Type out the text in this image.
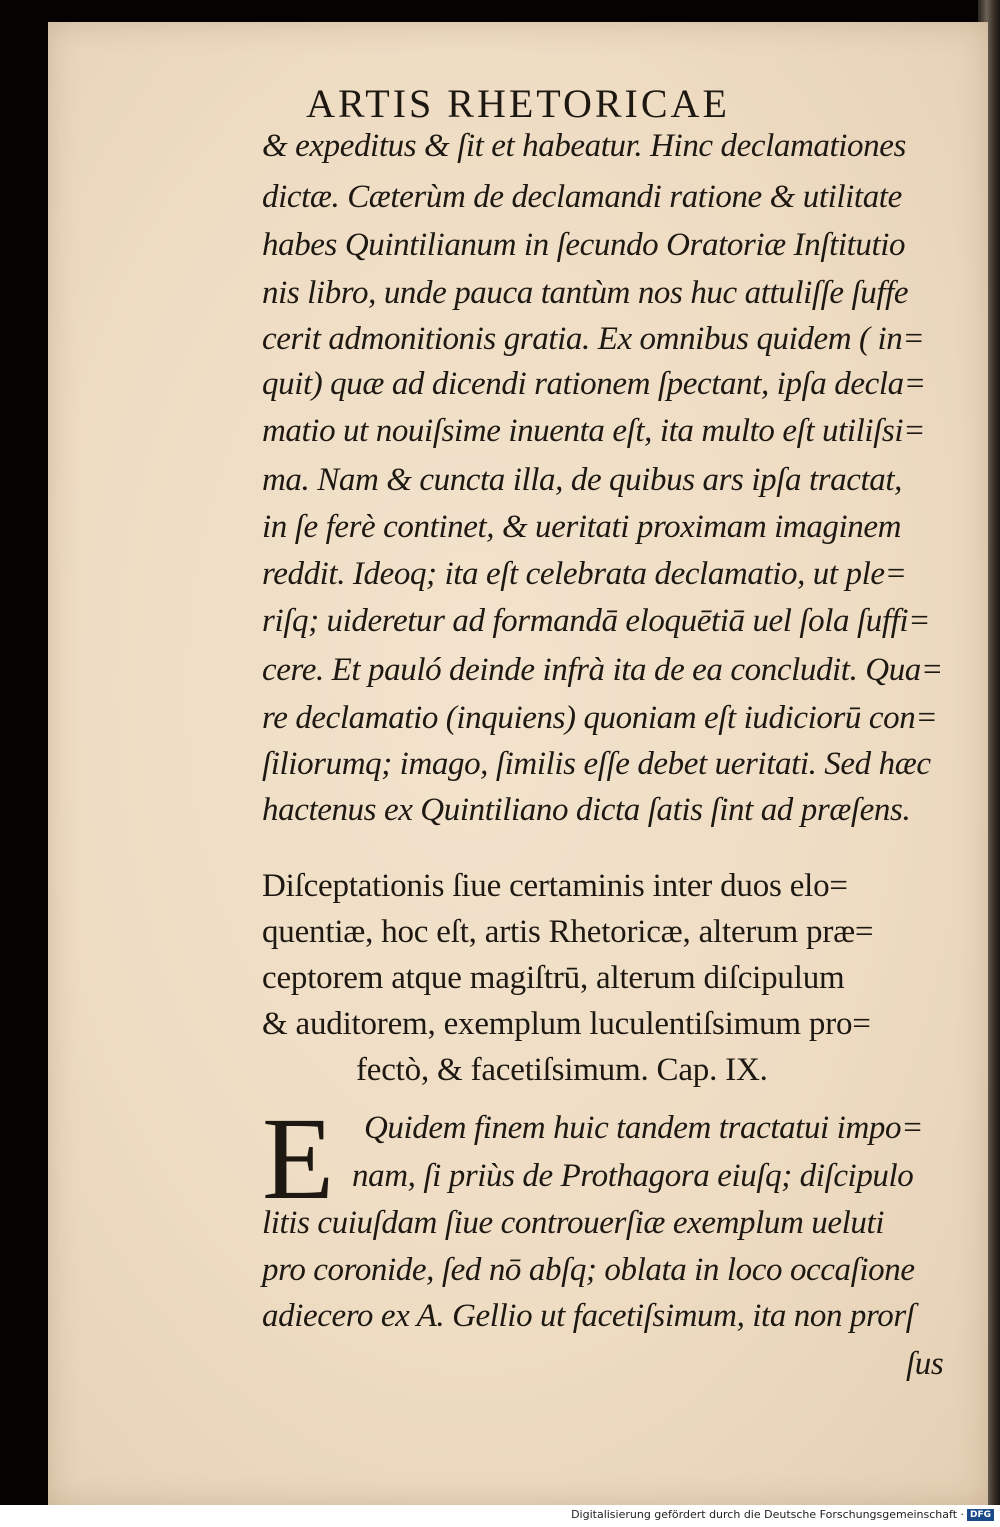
ARTIS RHETORICAE
& expeditus & ſit et habeatur. Hinc declamationes
dictæ. Cæterùm de declamandi ratione & utilitate
habes Quintilianum in ſecundo Oratoriæ Inſtitutio
nis libro, unde pauca tantùm nos huc attuliſſe ſuffe
cerit admonitionis gratia. Ex omnibus quidem ( in=
quit) quæ ad dicendi rationem ſpectant, ipſa decla=
matio ut nouiſsime inuenta eſt, ita multo eſt utiliſsi=
ma. Nam & cuncta illa, de quibus ars ipſa tractat,
in ſe ferè continet, & ueritati proximam imaginem
reddit. Ideoq; ita eſt celebrata declamatio, ut ple=
riſq; uideretur ad formandā eloquētiā uel ſola ſuffi=
cere. Et pauló deinde infrà ita de ea concludit. Qua=
re declamatio (inquiens) quoniam eſt iudiciorū con=
ſiliorumq; imago, ſimilis eſſe debet ueritati. Sed hæc
hactenus ex Quintiliano dicta ſatis ſint ad præſens.
Diſceptationis ſiue certaminis inter duos elo=
quentiæ, hoc eſt, artis Rhetoricæ, alterum præ=
ceptorem atque magiſtrū, alterum diſcipulum
& auditorem, exemplum luculentiſsimum pro=
fectò, & facetiſsimum. Cap. IX.
E Quidem finem huic tandem tractatui impo=
nam, ſi priùs de Prothagora eiuſq; diſcipulo
litis cuiuſdam ſiue controuerſiæ exemplum ueluti
pro coronide, ſed nō abſq; oblata in loco occaſione
adiecero ex A. Gellio ut facetiſsimum, ita non prorſ
ſus
Digitalisierung gefördert durch die Deutsche Forschungsgemeinschaft · DFG
